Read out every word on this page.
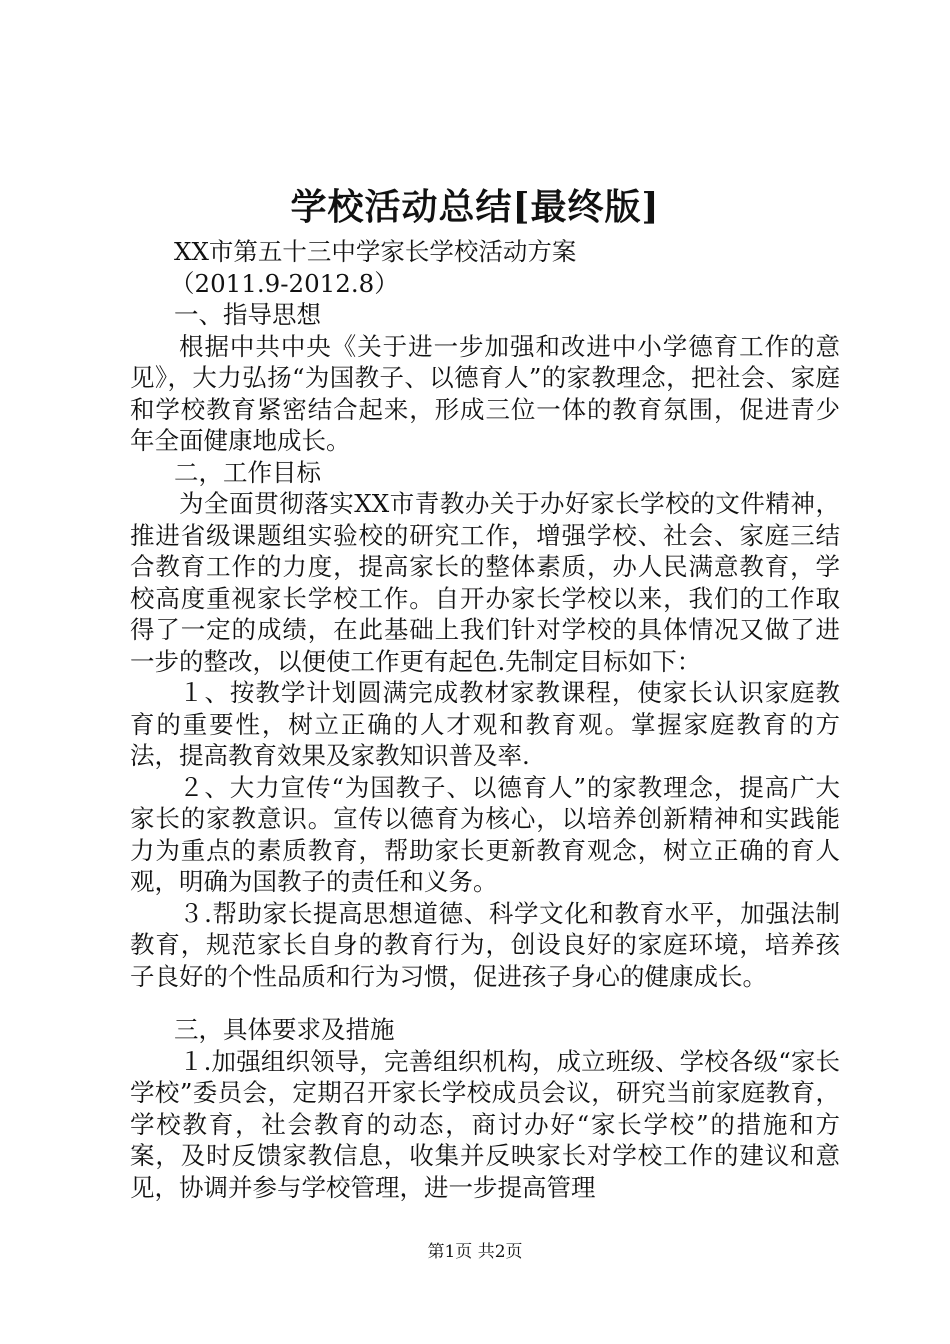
学校活动总结[最终版]

XX市第五十三中学家长学校活动方案

（2011.9-2012.8）

一、指导思想

根据中共中央《关于进一步加强和改进中小学德育工作的意见》，大力弘扬“为国教子、以德育人”的家教理念，把社会、家庭和学校教育紧密结合起来，形成三位一体的教育氛围，促进青少年全面健康地成长。

二，工作目标

为全面贯彻落实XX市青教办关于办好家长学校的文件精神，推进省级课题组实验校的研究工作，增强学校、社会、家庭三结合教育工作的力度，提高家长的整体素质，办人民满意教育，学校高度重视家长学校工作。自开办家长学校以来，我们的工作取得了一定的成绩，在此基础上我们针对学校的具体情况又做了进一步的整改，以便使工作更有起色.先制定目标如下：

１、按教学计划圆满完成教材家教课程，使家长认识家庭教育的重要性，树立正确的人才观和教育观。掌握家庭教育的方法，提高教育效果及家教知识普及率.

２、大力宣传“为国教子、以德育人”的家教理念，提高广大家长的家教意识。宣传以德育为核心，以培养创新精神和实践能力为重点的素质教育，帮助家长更新教育观念，树立正确的育人观，明确为国教子的责任和义务。

３.帮助家长提高思想道德、科学文化和教育水平，加强法制教育，规范家长自身的教育行为，创设良好的家庭环境，培养孩子良好的个性品质和行为习惯，促进孩子身心的健康成长。

三，具体要求及措施

１.加强组织领导，完善组织机构，成立班级、学校各级“家长学校”委员会，定期召开家长学校成员会议，研究当前家庭教育，学校教育，社会教育的动态，商讨办好“家长学校”的措施和方案，及时反馈家教信息，收集并反映家长对学校工作的建议和意见，协调并参与学校管理，进一步提高管理

第1页 共2页
